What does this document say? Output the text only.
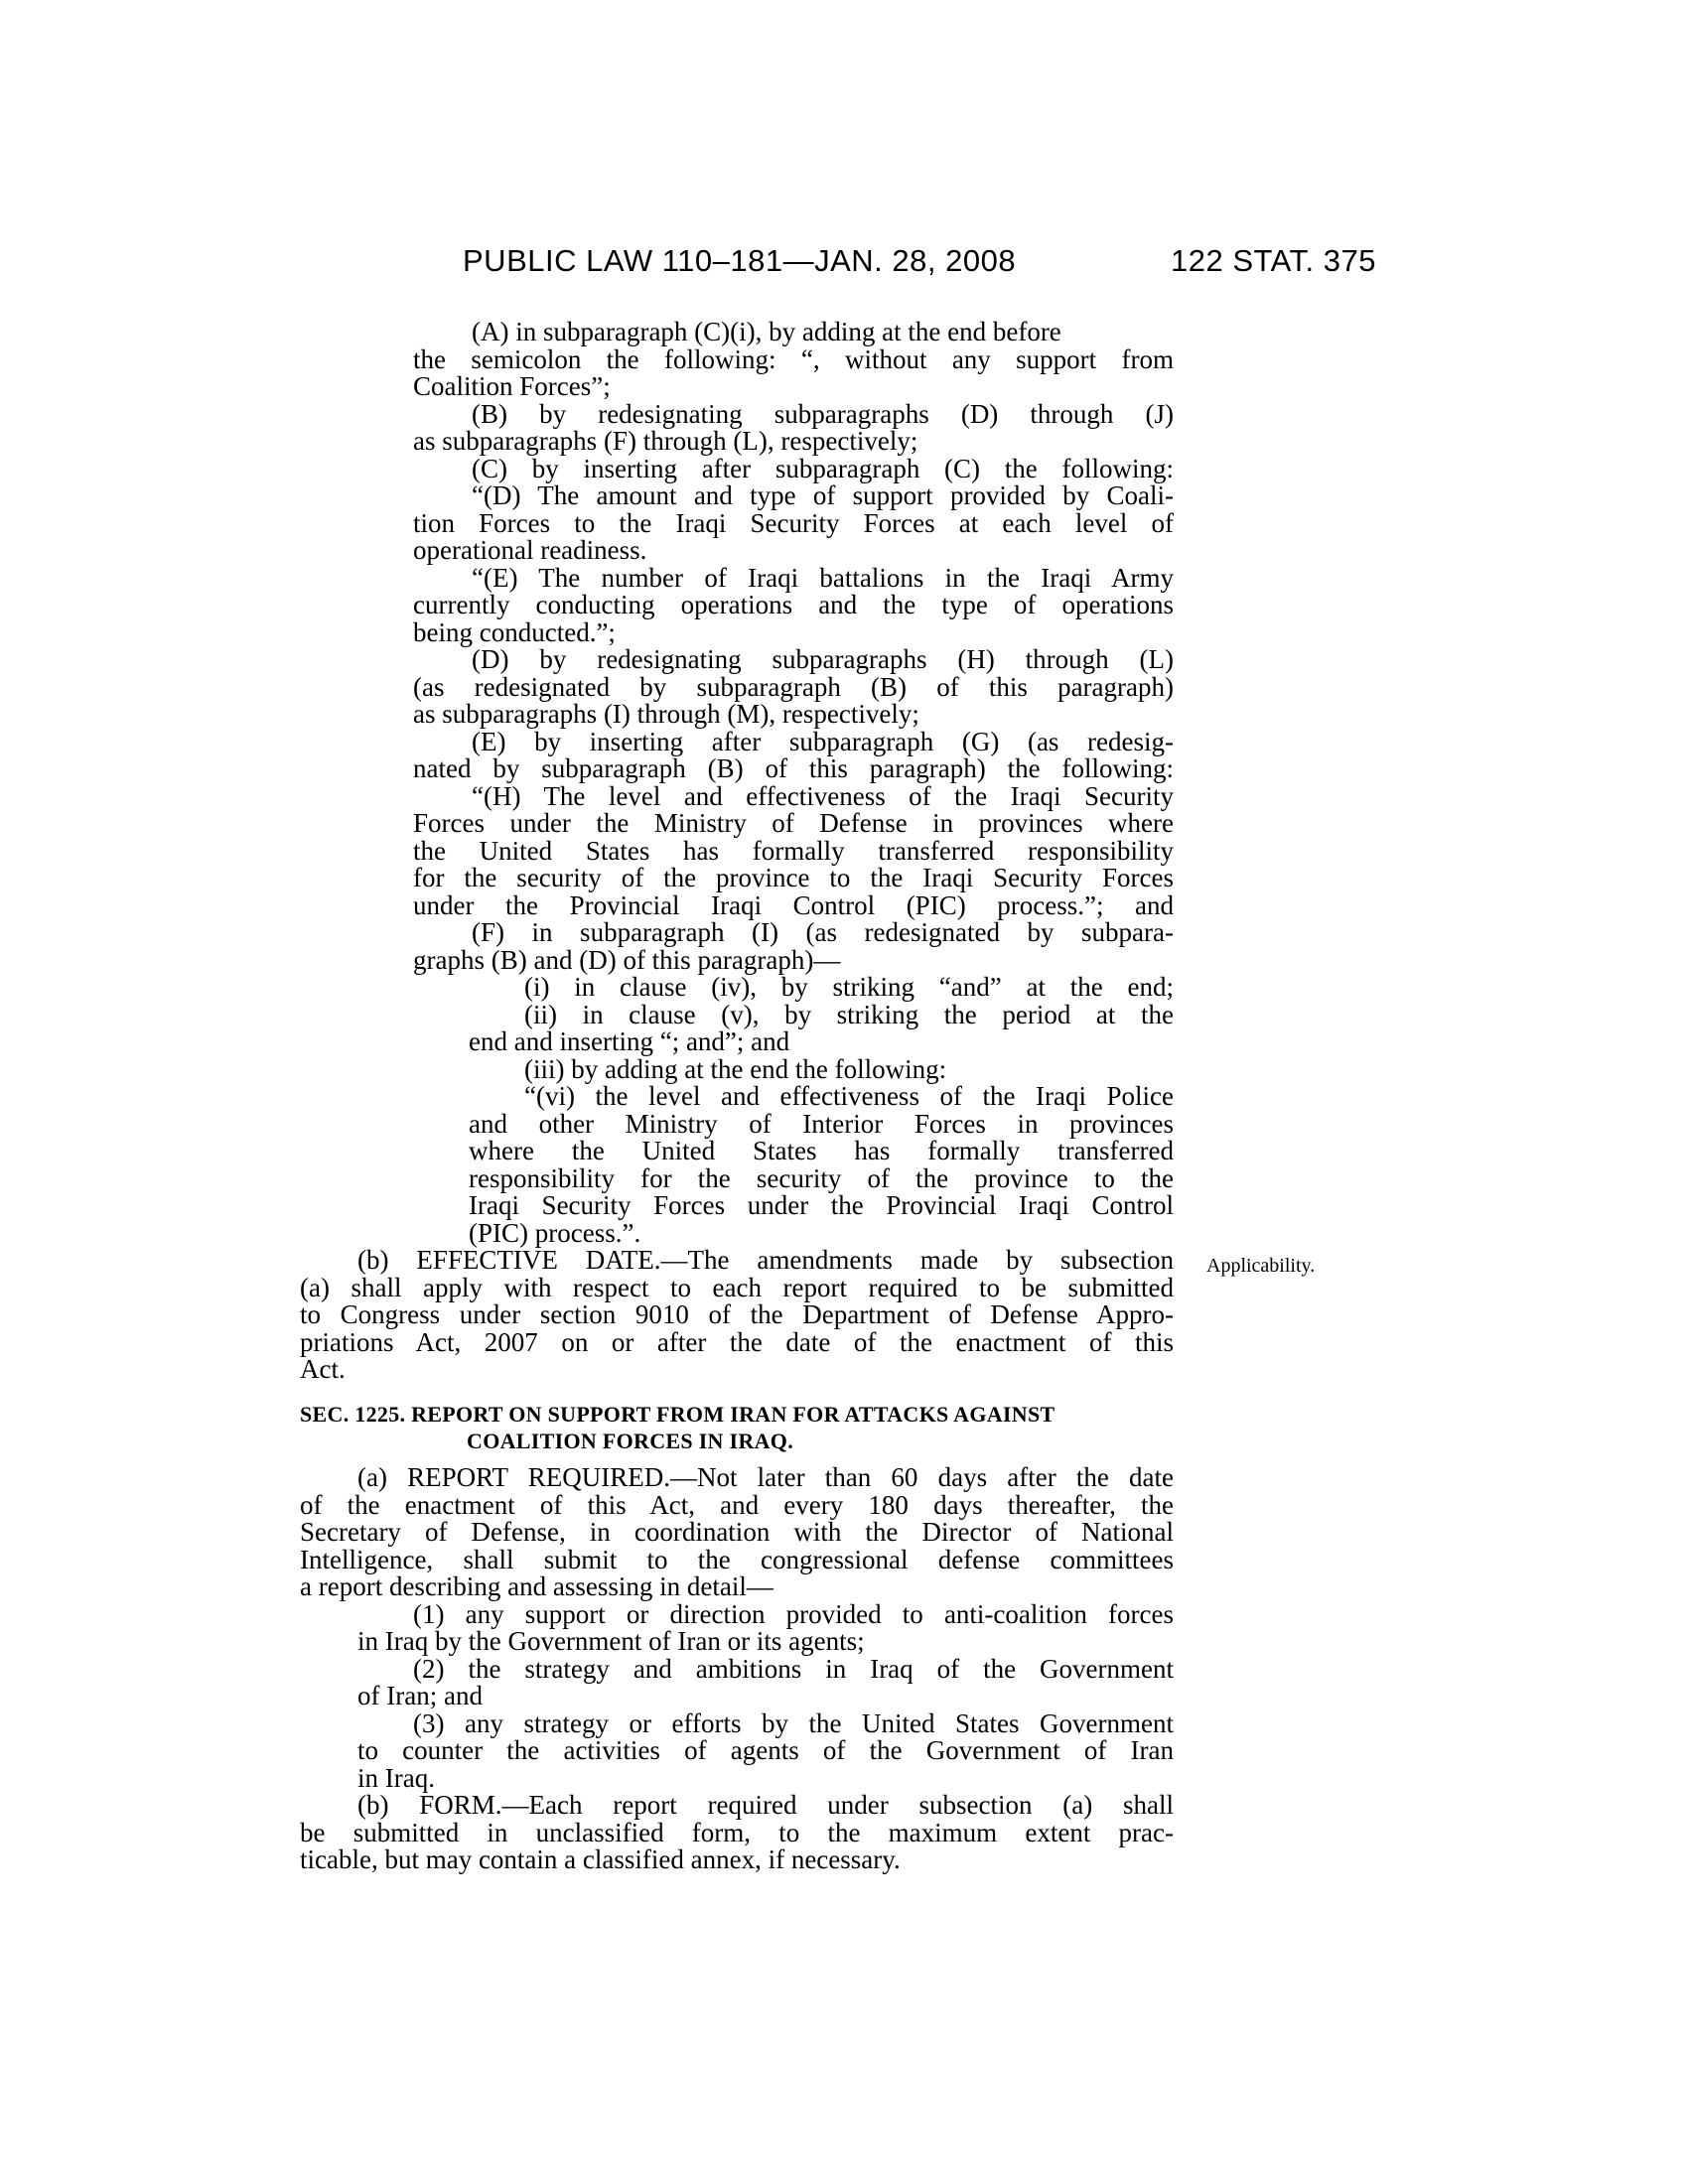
PUBLIC LAW 110–181—JAN. 28, 2008	122 STAT. 375
(A) in subparagraph (C)(i), by adding at the end before
the semicolon the following: “, without any support from
Coalition Forces”;
(B) by redesignating subparagraphs (D) through (J)
as subparagraphs (F) through (L), respectively;
(C) by inserting after subparagraph (C) the following:
“(D) The amount and type of support provided by Coali-
tion Forces to the Iraqi Security Forces at each level of
operational readiness.
“(E) The number of Iraqi battalions in the Iraqi Army
currently conducting operations and the type of operations
being conducted.”;
(D) by redesignating subparagraphs (H) through (L)
(as redesignated by subparagraph (B) of this paragraph)
as subparagraphs (I) through (M), respectively;
(E) by inserting after subparagraph (G) (as redesig-
nated by subparagraph (B) of this paragraph) the following:
“(H) The level and effectiveness of the Iraqi Security
Forces under the Ministry of Defense in provinces where
the United States has formally transferred responsibility
for the security of the province to the Iraqi Security Forces
under the Provincial Iraqi Control (PIC) process.”; and
(F) in subparagraph (I) (as redesignated by subpara-
graphs (B) and (D) of this paragraph)—
(i) in clause (iv), by striking “and” at the end;
(ii) in clause (v), by striking the period at the
end and inserting “; and”; and
(iii) by adding at the end the following:
“(vi) the level and effectiveness of the Iraqi Police
and other Ministry of Interior Forces in provinces
where the United States has formally transferred
responsibility for the security of the province to the
Iraqi Security Forces under the Provincial Iraqi Control
(PIC) process.”.
(b) EFFECTIVE DATE.—The amendments made by subsection Applicability.
(a) shall apply with respect to each report required to be submitted
to Congress under section 9010 of the Department of Defense Appro-
priations Act, 2007 on or after the date of the enactment of this
Act.
SEC. 1225. REPORT ON SUPPORT FROM IRAN FOR ATTACKS AGAINST
COALITION FORCES IN IRAQ.
(a) REPORT REQUIRED.—Not later than 60 days after the date
of the enactment of this Act, and every 180 days thereafter, the
Secretary of Defense, in coordination with the Director of National
Intelligence, shall submit to the congressional defense committees
a report describing and assessing in detail—
(1) any support or direction provided to anti-coalition forces
in Iraq by the Government of Iran or its agents;
(2) the strategy and ambitions in Iraq of the Government
of Iran; and
(3) any strategy or efforts by the United States Government
to counter the activities of agents of the Government of Iran
in Iraq.
(b) FORM.—Each report required under subsection (a) shall
be submitted in unclassified form, to the maximum extent prac-
ticable, but may contain a classified annex, if necessary.
